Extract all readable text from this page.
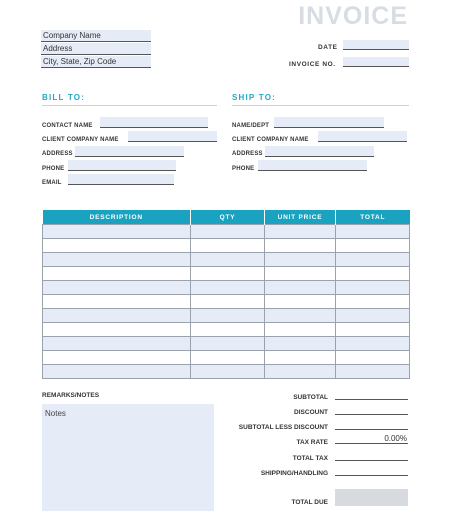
INVOICE
Company Name
Address
City, State, Zip Code
DATE
INVOICE NO.
BILL TO:	SHIP TO:
CONTACT NAME
CLIENT COMPANY NAME
ADDRESS
PHONE
EMAIL
NAME/DEPT
CLIENT COMPANY NAME
ADDRESS
PHONE
DESCRIPTION	QTY	UNIT PRICE	TOTAL

REMARKS/NOTES
Notes
SUBTOTAL
DISCOUNT
SUBTOTAL LESS DISCOUNT
TAX RATE	0.00%
TOTAL TAX
SHIPPING/HANDLING
TOTAL DUE
